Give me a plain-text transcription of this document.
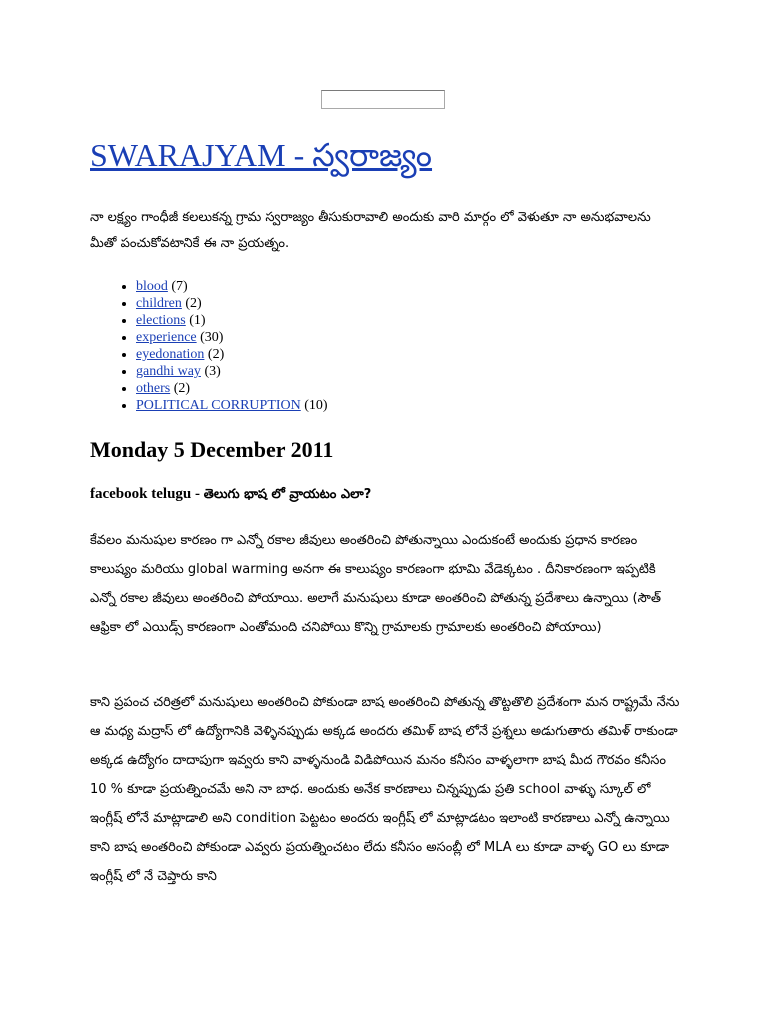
SWARAJYAM - స్వరాజ్యం

నా లక్ష్యం గాంధీజీ కలలుకన్న గ్రామ స్వరాజ్యం తీసుకురావాలి అందుకు వారి మార్గం లో వెళుతూ నా అనుభవాలను మీతో పంచుకోవటానికే ఈ నా ప్రయత్నం.

• blood (7)
• children (2)
• elections (1)
• experience (30)
• eyedonation (2)
• gandhi way (3)
• others (2)
• POLITICAL CORRUPTION (10)
Monday 5 December 2011
facebook telugu - తెలుగు భాష లో వ్రాయటం ఎలా?

కేవలం మనుషుల కారణం గా ఎన్నో రకాల జీవులు అంతరించి పోతున్నాయి ఎందుకంటే అందుకు ప్రధాన కారణం కాలుష్యం మరియు global warming అనగా ఈ కాలుష్యం కారణంగా భూమి వేడెక్కటం . దీనికారణంగా ఇప్పటికి ఎన్నో రకాల జీవులు అంతరించి పోయాయి. అలాగే మనుషులు కూడా అంతరించి పోతున్న ప్రదేశాలు ఉన్నాయి (సౌత్ ఆఫ్రికా లో ఎయిడ్స్ కారణంగా ఎంతోమంది చనిపోయి కొన్ని గ్రామాలకు గ్రామాలకు అంతరించి పోయాయి)

కాని ప్రపంచ చరిత్రలో మనుషులు అంతరించి పోకుండా బాష అంతరించి పోతున్న తొట్టతొలి ప్రదేశంగా మన రాష్ట్రమే నేను ఆ మధ్య మద్రాస్ లో ఉద్యోగానికి వెళ్ళినప్పుడు అక్కడ అందరు తమిళ్ బాష లోనే ప్రశ్నలు అడుగుతారు తమిళ్ రాకుండా అక్కడ ఉద్యోగం దాదాపుగా ఇవ్వరు కాని వాళ్ళనుండి విడిపోయిన మనం కనీసం వాళ్ళలాగా బాష మీద గౌరవం కనీసం 10 % కూడా ప్రయత్నించమే అని నా బాధ. అందుకు అనేక కారణాలు చిన్నప్పుడు ప్రతి school వాళ్ళు స్కూల్ లో ఇంగ్లీష్ లోనే మాట్లాడాలి అని condition పెట్టటం అందరు ఇంగ్లీష్ లో మాట్లాడటం ఇలాంటి కారణాలు ఎన్నో ఉన్నాయి కాని బాష అంతరించి పోకుండా ఎవ్వరు ప్రయత్నించటం లేదు కనీసం అసంబ్లీ లో MLA లు కూడా వాళ్ళ GO లు కూడా ఇంగ్లీష్ లో నే చెప్తారు కాని
